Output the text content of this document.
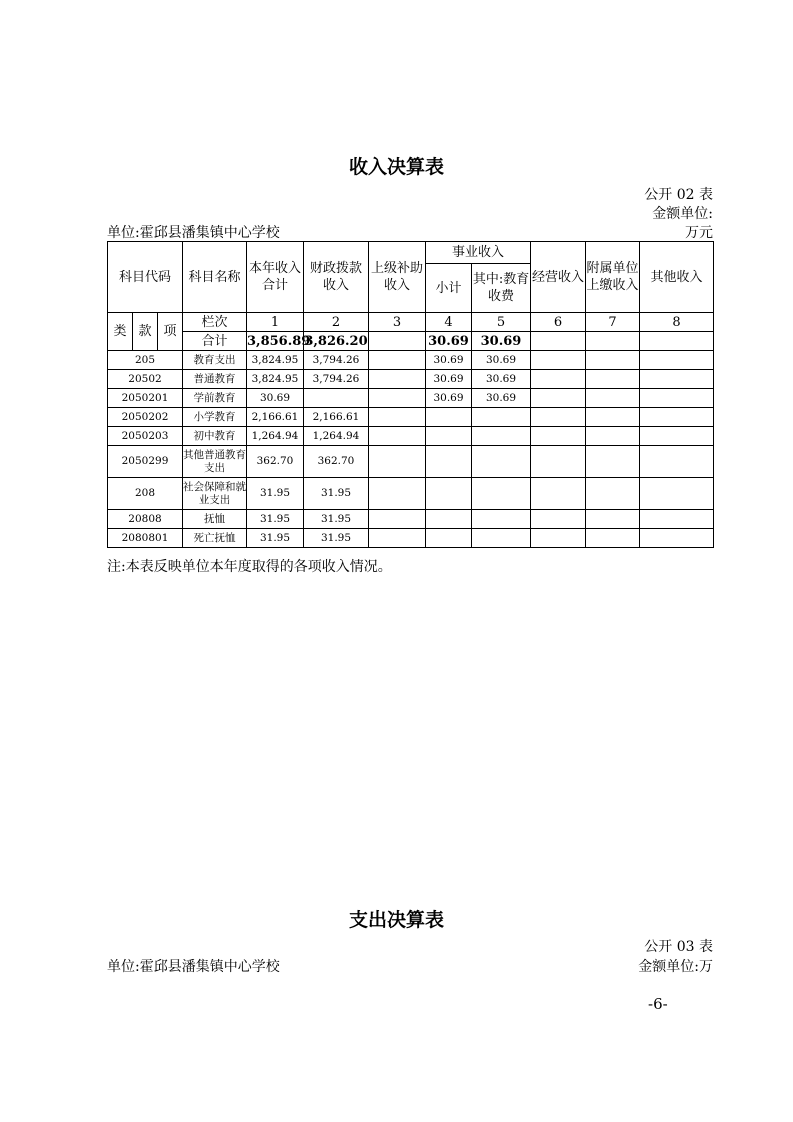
收入决算表
公开 02 表
金额单位:
单位:霍邱县潘集镇中心学校	万元
科目代码			科目名称	本年收入合计	财政拨款收入	上级补助收入	事业收入		经营收入	附属单位上缴收入	其他收入
							小计	其中:教育收费			
类	款	项	栏次	1	2	3	4	5	6	7	8
			合计	3,856.89	3,826.20		30.69	30.69			
205			教育支出	3,824.95	3,794.26		30.69	30.69			
20502			普通教育	3,824.95	3,794.26		30.69	30.69			
2050201			学前教育	30.69			30.69	30.69			
2050202			小学教育	2,166.61	2,166.61						
2050203			初中教育	1,264.94	1,264.94						
2050299			其他普通教育支出	362.70	362.70						
208			社会保障和就业支出	31.95	31.95						
20808			抚恤	31.95	31.95						
2080801			死亡抚恤	31.95	31.95						
注:本表反映单位本年度取得的各项收入情况。
支出决算表
公开 03 表
单位:霍邱县潘集镇中心学校	金额单位:万
-6-
